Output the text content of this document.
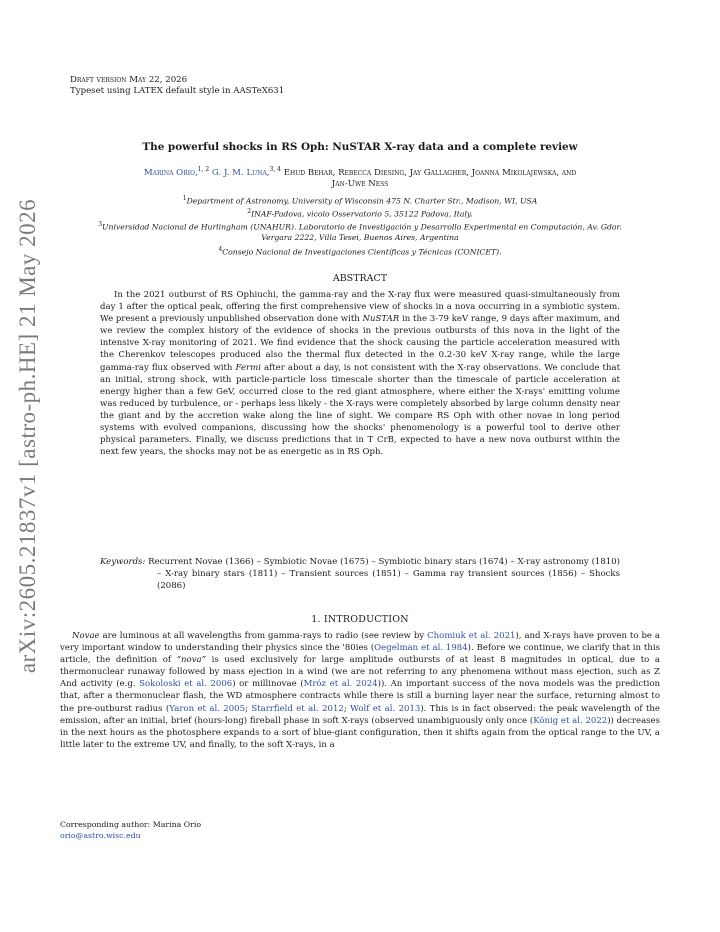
arXiv:2605.21837v1 [astro-ph.HE] 21 May 2026
Draft version May 22, 2026
Typeset using LATEX default style in AASTeX631
The powerful shocks in RS Oph: NuSTAR X-ray data and a complete review
Marina Orio,$^{1, 2}$ G. J. M. Luna,$^{3, 4}$ Ehud Behar, Rebecca Diesing, Jay Gallagher, Joanna Mikolajewska, and
Jan-Uwe Ness
$^1$Department of Astronomy, University of Wisconsin 475 N. Charter Str., Madison, WI, USA
$^2$INAF-Padova, vicolo Osservatorio 5, 35122 Padova, Italy.
$^3$Universidad Nacional de Hurlingham (UNAHUR). Laboratorio de Investigación y Desarrollo Experimental en Computación, Av. Gdor.
Vergara 2222, Villa Tesei, Buenos Aires, Argentina
$^4$Consejo Nacional de Investigaciones Científicas y Técnicas (CONICET).
ABSTRACT
In the 2021 outburst of RS Ophiuchi, the gamma-ray and the X-ray flux were measured quasi-simultaneously from day 1 after the optical peak, offering the first comprehensive view of shocks in a nova occurring in a symbiotic system. We present a previously unpublished observation done with NuSTAR in the 3-79 keV range, 9 days after maximum, and we review the complex history of the evidence of shocks in the previous outbursts of this nova in the light of the intensive X-ray monitoring of 2021. We find evidence that the shock causing the particle acceleration measured with the Cherenkov telescopes produced also the thermal flux detected in the 0.2-30 keV X-ray range, while the large gamma-ray flux observed with Fermi after about a day, is not consistent with the X-ray observations. We conclude that an initial, strong shock, with particle-particle loss timescale shorter than the timescale of particle acceleration at energy higher than a few GeV, occurred close to the red giant atmosphere, where either the X-rays' emitting volume was reduced by turbulence, or - perhaps less likely - the X-rays were completely absorbed by large column density near the giant and by the accretion wake along the line of sight. We compare RS Oph with other novae in long period systems with evolved companions, discussing how the shocks' phenomenology is a powerful tool to derive other physical parameters. Finally, we discuss predictions that in T CrB, expected to have a new nova outburst within the next few years, the shocks may not be as energetic as in RS Oph.
Keywords: Recurrent Novae (1366) – Symbiotic Novae (1675) – Symbiotic binary stars (1674) – X-ray astronomy (1810) – X-ray binary stars (1811) – Transient sources (1851) – Gamma ray transient sources (1856) – Shocks (2086)
1. INTRODUCTION
Novae are luminous at all wavelengths from gamma-rays to radio (see review by Chomiuk et al. 2021), and X-rays have proven to be a very important window to understanding their physics since the '80ies (Oegelman et al. 1984). Before we continue, we clarify that in this article, the definition of “nova” is used exclusively for large amplitude outbursts of at least 8 magnitudes in optical, due to a thermonuclear runaway followed by mass ejection in a wind (we are not referring to any phenomena without mass ejection, such as Z And activity (e.g. Sokoloski et al. 2006) or millinovae (Mróz et al. 2024)). An important success of the nova models was the prediction that, after a thermonuclear flash, the WD atmosphere contracts while there is still a burning layer near the surface, returning almost to the pre-outburst radius (Yaron et al. 2005; Starrfield et al. 2012; Wolf et al. 2013). This is in fact observed: the peak wavelength of the emission, after an initial, brief (hours-long) fireball phase in soft X-rays (observed unambiguously only once (König et al. 2022)) decreases in the next hours as the photosphere expands to a sort of blue-giant configuration, then it shifts again from the optical range to the UV, a little later to the extreme UV, and finally, to the soft X-rays, in a
Corresponding author: Marina Orio
orio@astro.wisc.edu
